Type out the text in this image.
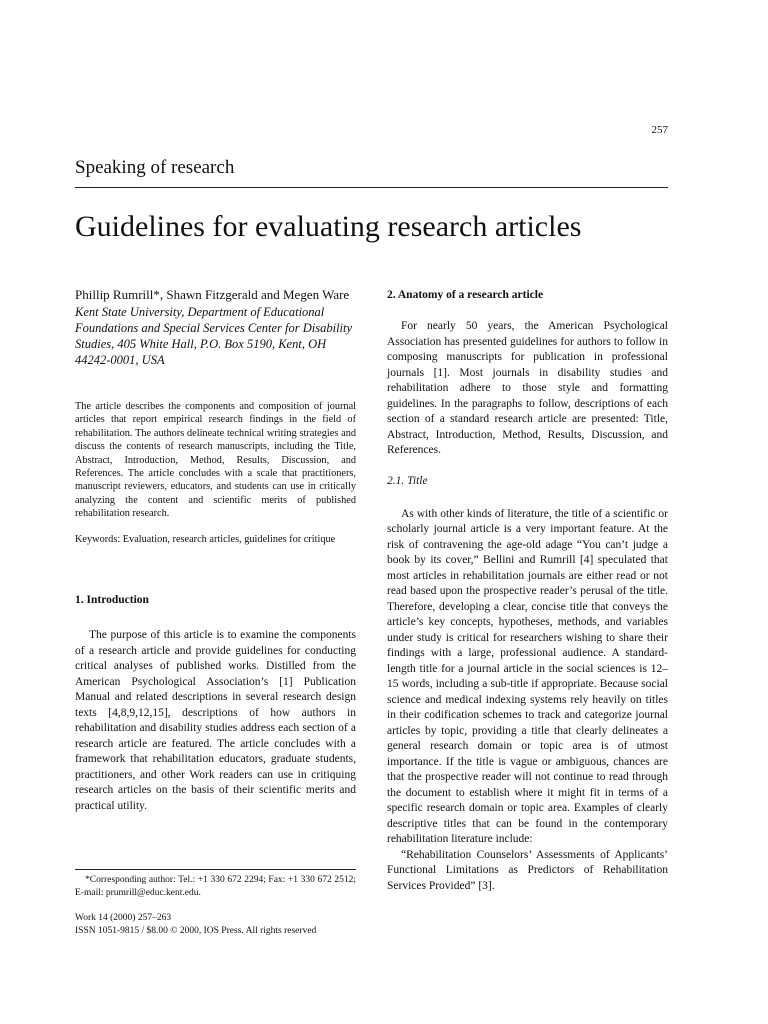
257
Speaking of research
Guidelines for evaluating research articles

Phillip Rumrill*, Shawn Fitzgerald and Megen Ware

Kent State University, Department of Educational Foundations and Special Services Center for Disability Studies, 405 White Hall, P.O. Box 5190, Kent, OH 44242-0001, USA

The article describes the components and composition of journal articles that report empirical research findings in the field of rehabilitation. The authors delineate technical writing strategies and discuss the contents of research manuscripts, including the Title, Abstract, Introduction, Method, Results, Discussion, and References. The article concludes with a scale that practitioners, manuscript reviewers, educators, and students can use in critically analyzing the content and scientific merits of published rehabilitation research.

Keywords: Evaluation, research articles, guidelines for critique

1. Introduction

The purpose of this article is to examine the components of a research article and provide guidelines for conducting critical analyses of published works. Distilled from the American Psychological Association’s [1] Publication Manual and related descriptions in several research design texts [4,8,9,12,15], descriptions of how authors in rehabilitation and disability studies address each section of a research article are featured. The article concludes with a framework that rehabilitation educators, graduate students, practitioners, and other Work readers can use in critiquing research articles on the basis of their scientific merits and practical utility.

*Corresponding author: Tel.: +1 330 672 2294; Fax: +1 330 672 2512; E-mail: prumrill@educ.kent.edu.

Work 14 (2000) 257–263
ISSN 1051-9815 / $8.00 © 2000, IOS Press. All rights reserved
2. Anatomy of a research article

For nearly 50 years, the American Psychological Association has presented guidelines for authors to follow in composing manuscripts for publication in professional journals [1]. Most journals in disability studies and rehabilitation adhere to those style and formatting guidelines. In the paragraphs to follow, descriptions of each section of a standard research article are presented: Title, Abstract, Introduction, Method, Results, Discussion, and References.

2.1. Title

As with other kinds of literature, the title of a scientific or scholarly journal article is a very important feature. At the risk of contravening the age-old adage “You can’t judge a book by its cover,” Bellini and Rumrill [4] speculated that most articles in rehabilitation journals are either read or not read based upon the prospective reader’s perusal of the title. Therefore, developing a clear, concise title that conveys the article’s key concepts, hypotheses, methods, and variables under study is critical for researchers wishing to share their findings with a large, professional audience. A standard-length title for a journal article in the social sciences is 12–15 words, including a sub-title if appropriate. Because social science and medical indexing systems rely heavily on titles in their codification schemes to track and categorize journal articles by topic, providing a title that clearly delineates a general research domain or topic area is of utmost importance. If the title is vague or ambiguous, chances are that the prospective reader will not continue to read through the document to establish where it might fit in terms of a specific research domain or topic area. Examples of clearly descriptive titles that can be found in the contemporary rehabilitation literature include:

“Rehabilitation Counselors’ Assessments of Applicants’ Functional Limitations as Predictors of Rehabilitation Services Provided” [3].
